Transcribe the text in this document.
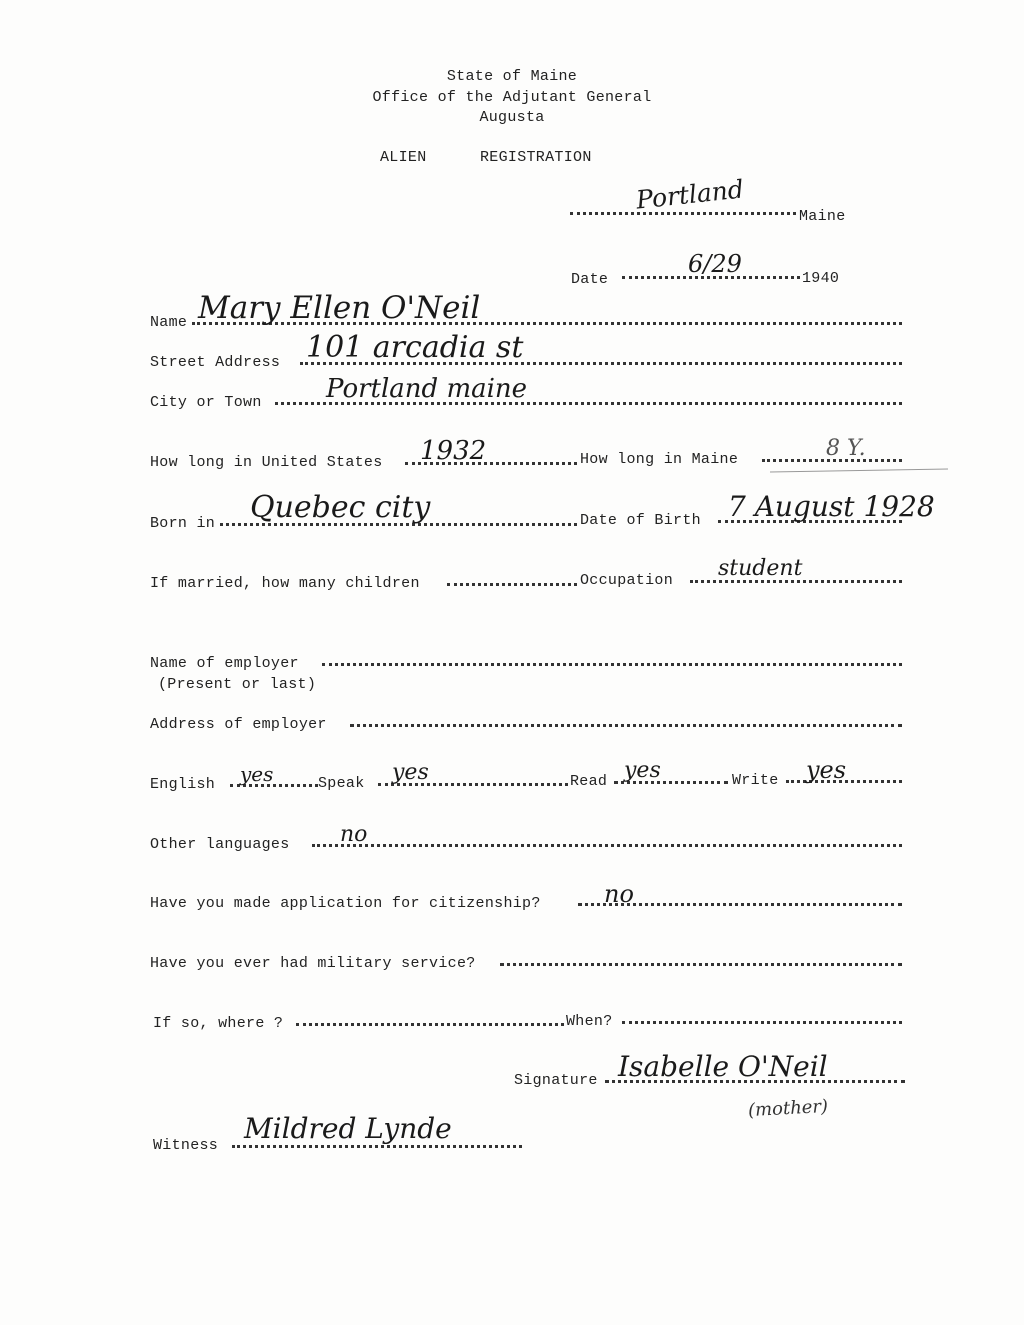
State of Maine
Office of the Adjutant General
Augusta
ALIEN	REGISTRATION
Portland
Maine
Date
6/29
1940
Name Mary Ellen O'Neil
Street Address 101 arcadia st
City or Town Portland maine
How long in United States 1932	How long in Maine	8 Y.
Born in Quebec city	Date of Birth 7 August 1928
If married, how many children	Occupation student
Name of employer
(Present or last)
Address of employer
English yes	Speak yes	Read yes	Write yes
Other languages no
Have you made application for citizenship?	no
Have you ever had military service?
If so, where ?	When?
Signature Isabelle O'Neil
(mother)
Witness
Mildred Lynde
